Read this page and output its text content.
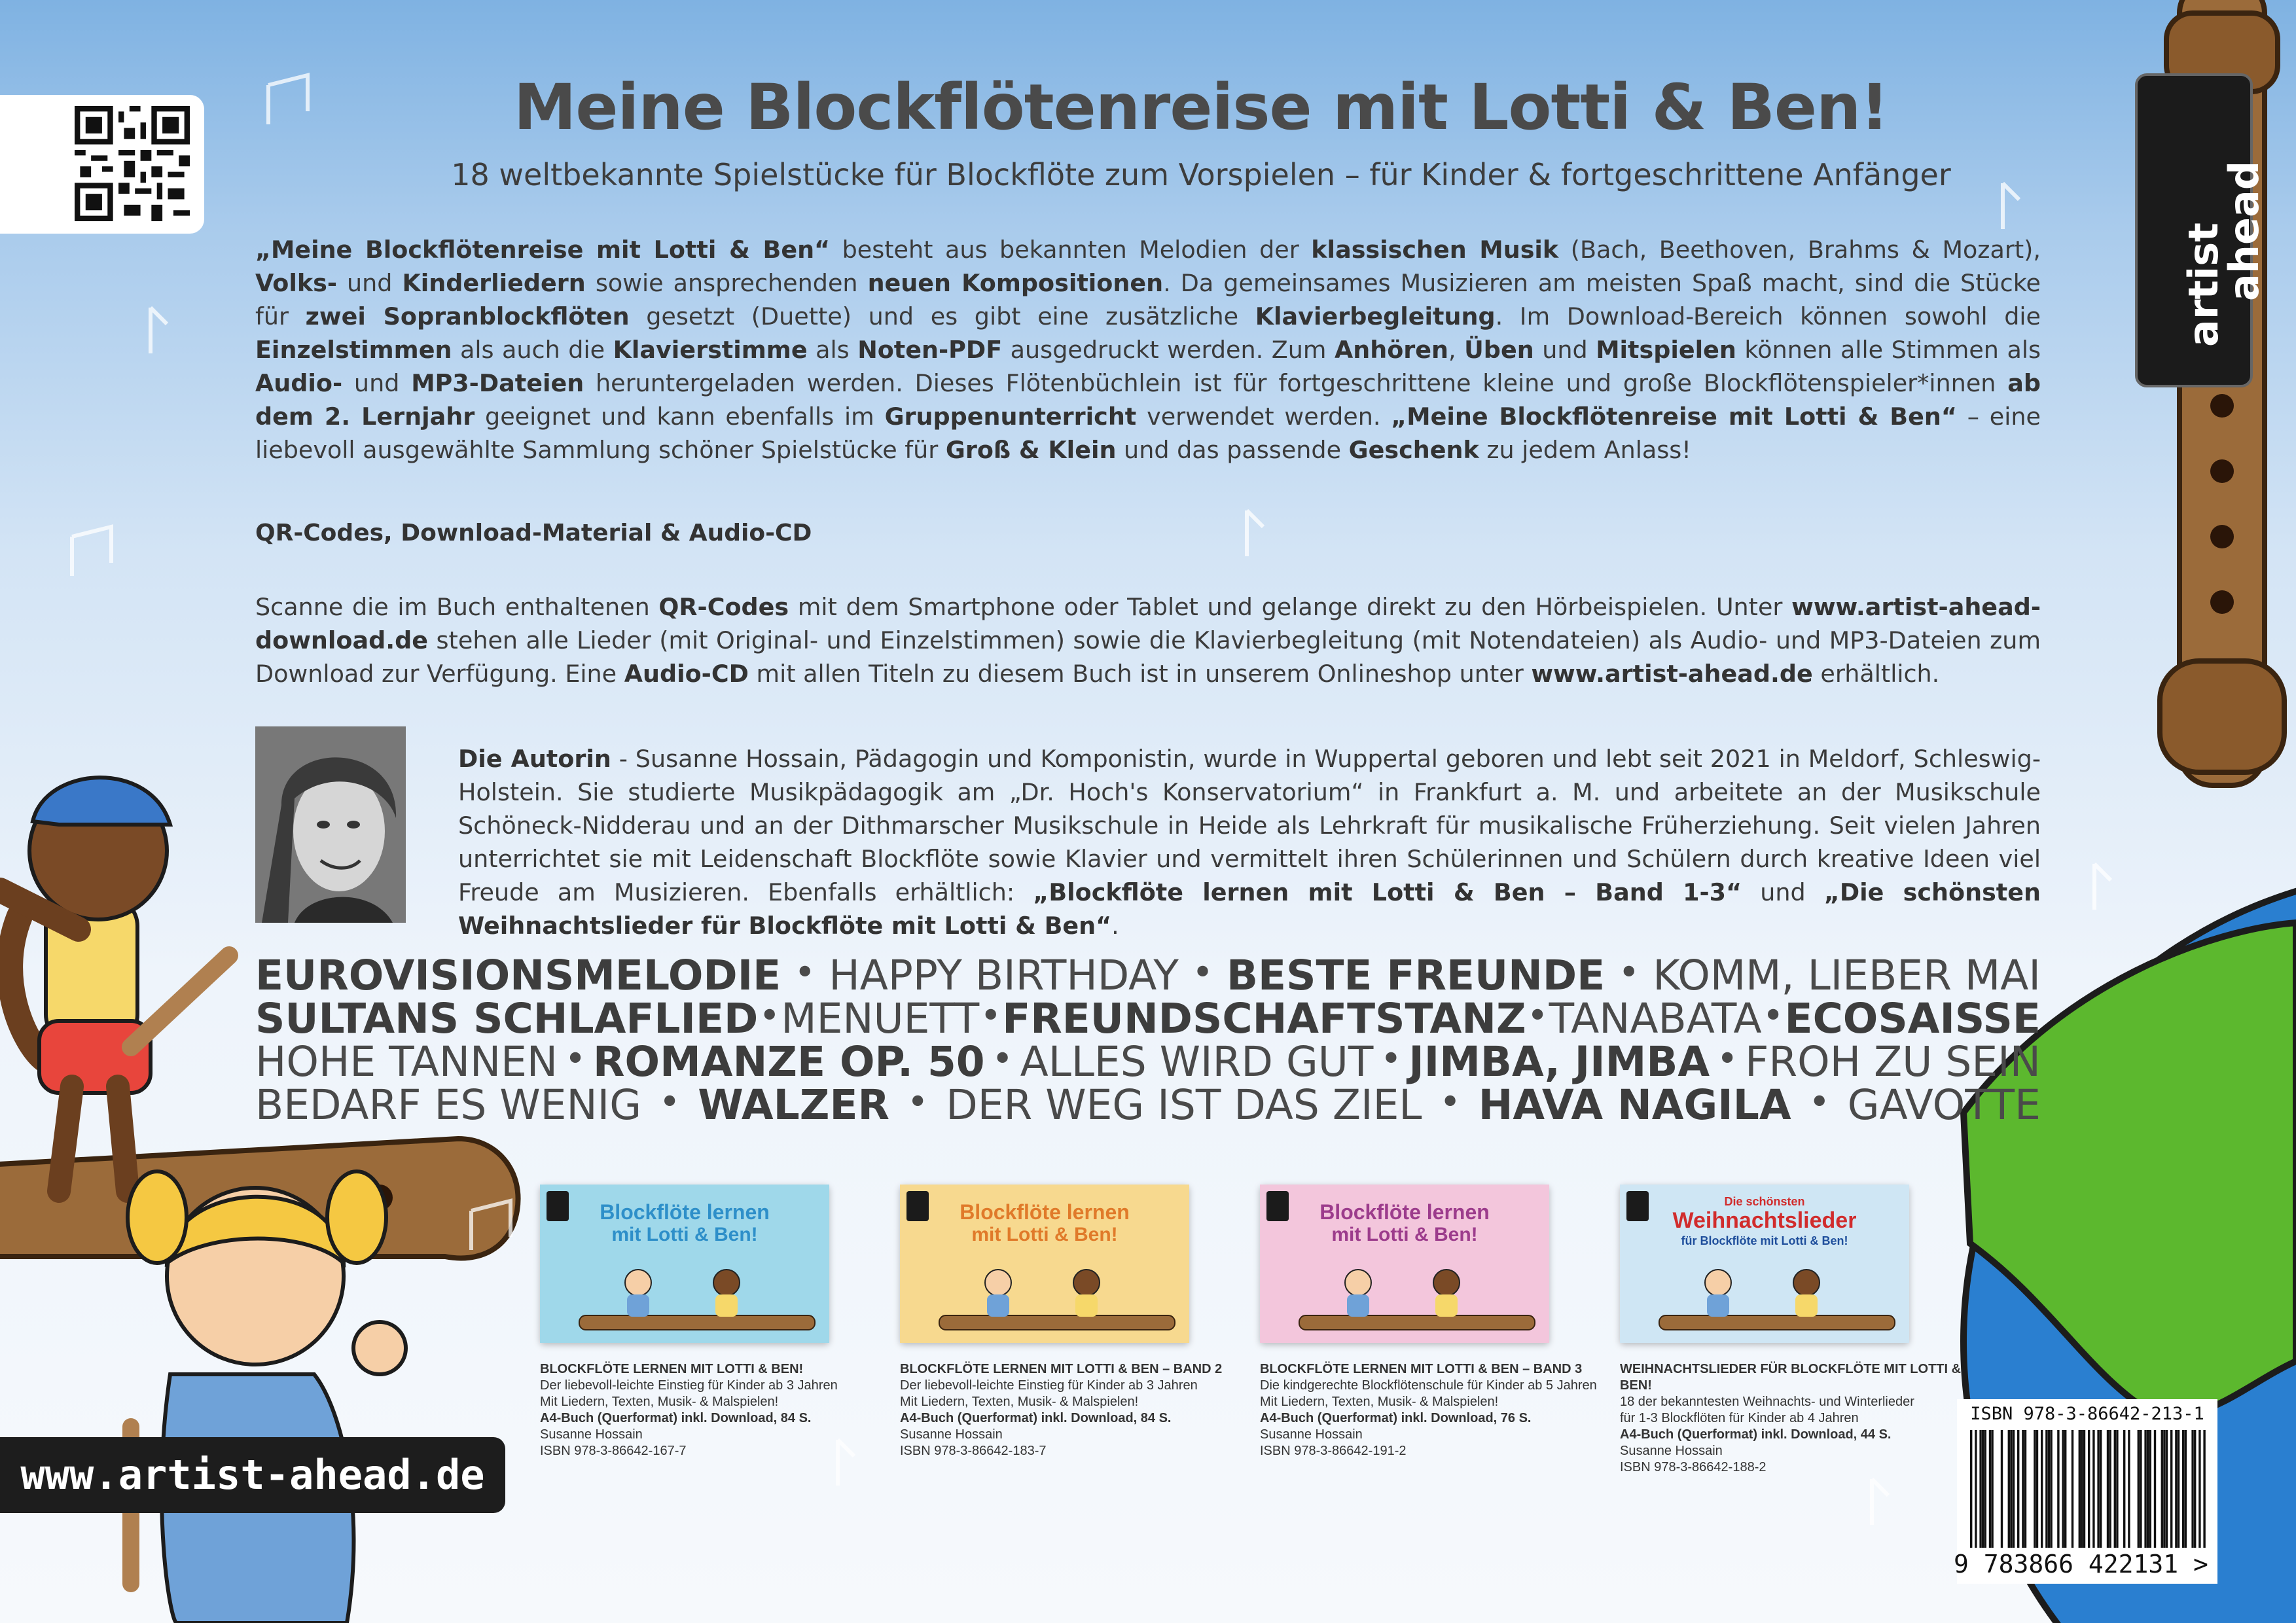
artist
ahead
Meine Blockflötenreise mit Lotti & Ben!
18 weltbekannte Spielstücke für Blockflöte zum Vorspielen – für Kinder & fortgeschrittene Anfänger

„Meine Blockflötenreise mit Lotti & Ben“ besteht aus bekannten Melodien der klassischen Musik (Bach, Beethoven, Brahms & Mozart), Volks- und Kinderliedern sowie ansprechenden neuen Kompositionen. Da gemeinsames Musizieren am meisten Spaß macht, sind die Stücke für zwei Sopranblockflöten gesetzt (Duette) und es gibt eine zusätzliche Klavierbegleitung. Im Download-Bereich können sowohl die Einzelstimmen als auch die Klavierstimme als Noten-PDF ausgedruckt werden. Zum Anhören, Üben und Mitspielen können alle Stimmen als Audio- und MP3-Dateien heruntergeladen werden. Dieses Flötenbüchlein ist für fortgeschrittene kleine und große Blockflötenspieler*innen ab dem 2. Lernjahr geeignet und kann ebenfalls im Gruppenunterricht verwendet werden. „Meine Blockflötenreise mit Lotti & Ben“ – eine liebevoll ausgewählte Sammlung schöner Spielstücke für Groß & Klein und das passende Geschenk zu jedem Anlass!

QR-Codes, Download-Material & Audio-CD

Scanne die im Buch enthaltenen QR-Codes mit dem Smartphone oder Tablet und gelange direkt zu den Hörbeispielen. Unter www.artist-ahead-download.de stehen alle Lieder (mit Original- und Einzelstimmen) sowie die Klavierbegleitung (mit Notendateien) als Audio- und MP3-Dateien zum Download zur Verfügung. Eine Audio-CD mit allen Titeln zu diesem Buch ist in unserem Onlineshop unter www.artist-ahead.de erhältlich.

Die Autorin - Susanne Hossain, Pädagogin und Komponistin, wurde in Wuppertal geboren und lebt seit 2021 in Meldorf, Schleswig-Holstein. Sie studierte Musikpädagogik am „Dr. Hoch's Konservatorium“ in Frankfurt a. M. und arbeitete an der Musikschule Schöneck-Nidderau und an der Dithmarscher Musikschule in Heide als Lehrkraft für musikalische Früherziehung. Seit vielen Jahren unterrichtet sie mit Leidenschaft Blockflöte sowie Klavier und vermittelt ihren Schülerinnen und Schülern durch kreative Ideen viel Freude am Musizieren. Ebenfalls erhältlich: „Blockflöte lernen mit Lotti & Ben – Band 1-3“ und „Die schönsten Weihnachtslieder für Blockflöte mit Lotti & Ben“.

EUROVISIONSMELODIE • HAPPY BIRTHDAY • BESTE FREUNDE • KOMM, LIEBER MAI
SULTANS SCHLAFLIED • MENUETT • FREUNDSCHAFTSTANZ • TANABATA • ECOSAISSE
HOHE TANNEN • ROMANZE OP. 50 • ALLES WIRD GUT • JIMBA, JIMBA • FROH ZU SEIN
BEDARF ES WENIG • WALZER • DER WEG IST DAS ZIEL • HAVA NAGILA • GAVOTTE
Blockflöte lernen
mit Lotti & Ben!
BLOCKFLÖTE LERNEN MIT LOTTI & BEN!
Der liebevoll-leichte Einstieg für Kinder ab 3 Jahren
Mit Liedern, Texten, Musik- & Malspielen!
A4-Buch (Querformat) inkl. Download, 84 S.
Susanne Hossain
ISBN 978-3-86642-167-7
Blockflöte lernen
mit Lotti & Ben!
BLOCKFLÖTE LERNEN MIT LOTTI & BEN – BAND 2
Der liebevoll-leichte Einstieg für Kinder ab 3 Jahren
Mit Liedern, Texten, Musik- & Malspielen!
A4-Buch (Querformat) inkl. Download, 84 S.
Susanne Hossain
ISBN 978-3-86642-183-7
Blockflöte lernen
mit Lotti & Ben!
BLOCKFLÖTE LERNEN MIT LOTTI & BEN – BAND 3
Die kindgerechte Blockflötenschule für Kinder ab 5 Jahren
Mit Liedern, Texten, Musik- & Malspielen!
A4-Buch (Querformat) inkl. Download, 76 S.
Susanne Hossain
ISBN 978-3-86642-191-2
Die schönsten
Weihnachtslieder
für Blockflöte mit Lotti & Ben!
WEIHNACHTSLIEDER FÜR BLOCKFLÖTE MIT LOTTI & BEN!
18 der bekanntesten Weihnachts- und Winterlieder
für 1-3 Blockflöten für Kinder ab 4 Jahren
A4-Buch (Querformat) inkl. Download, 44 S.
Susanne Hossain
ISBN 978-3-86642-188-2
www.artist-ahead.de
ISBN 978-3-86642-213-1
9 783866 422131 >
